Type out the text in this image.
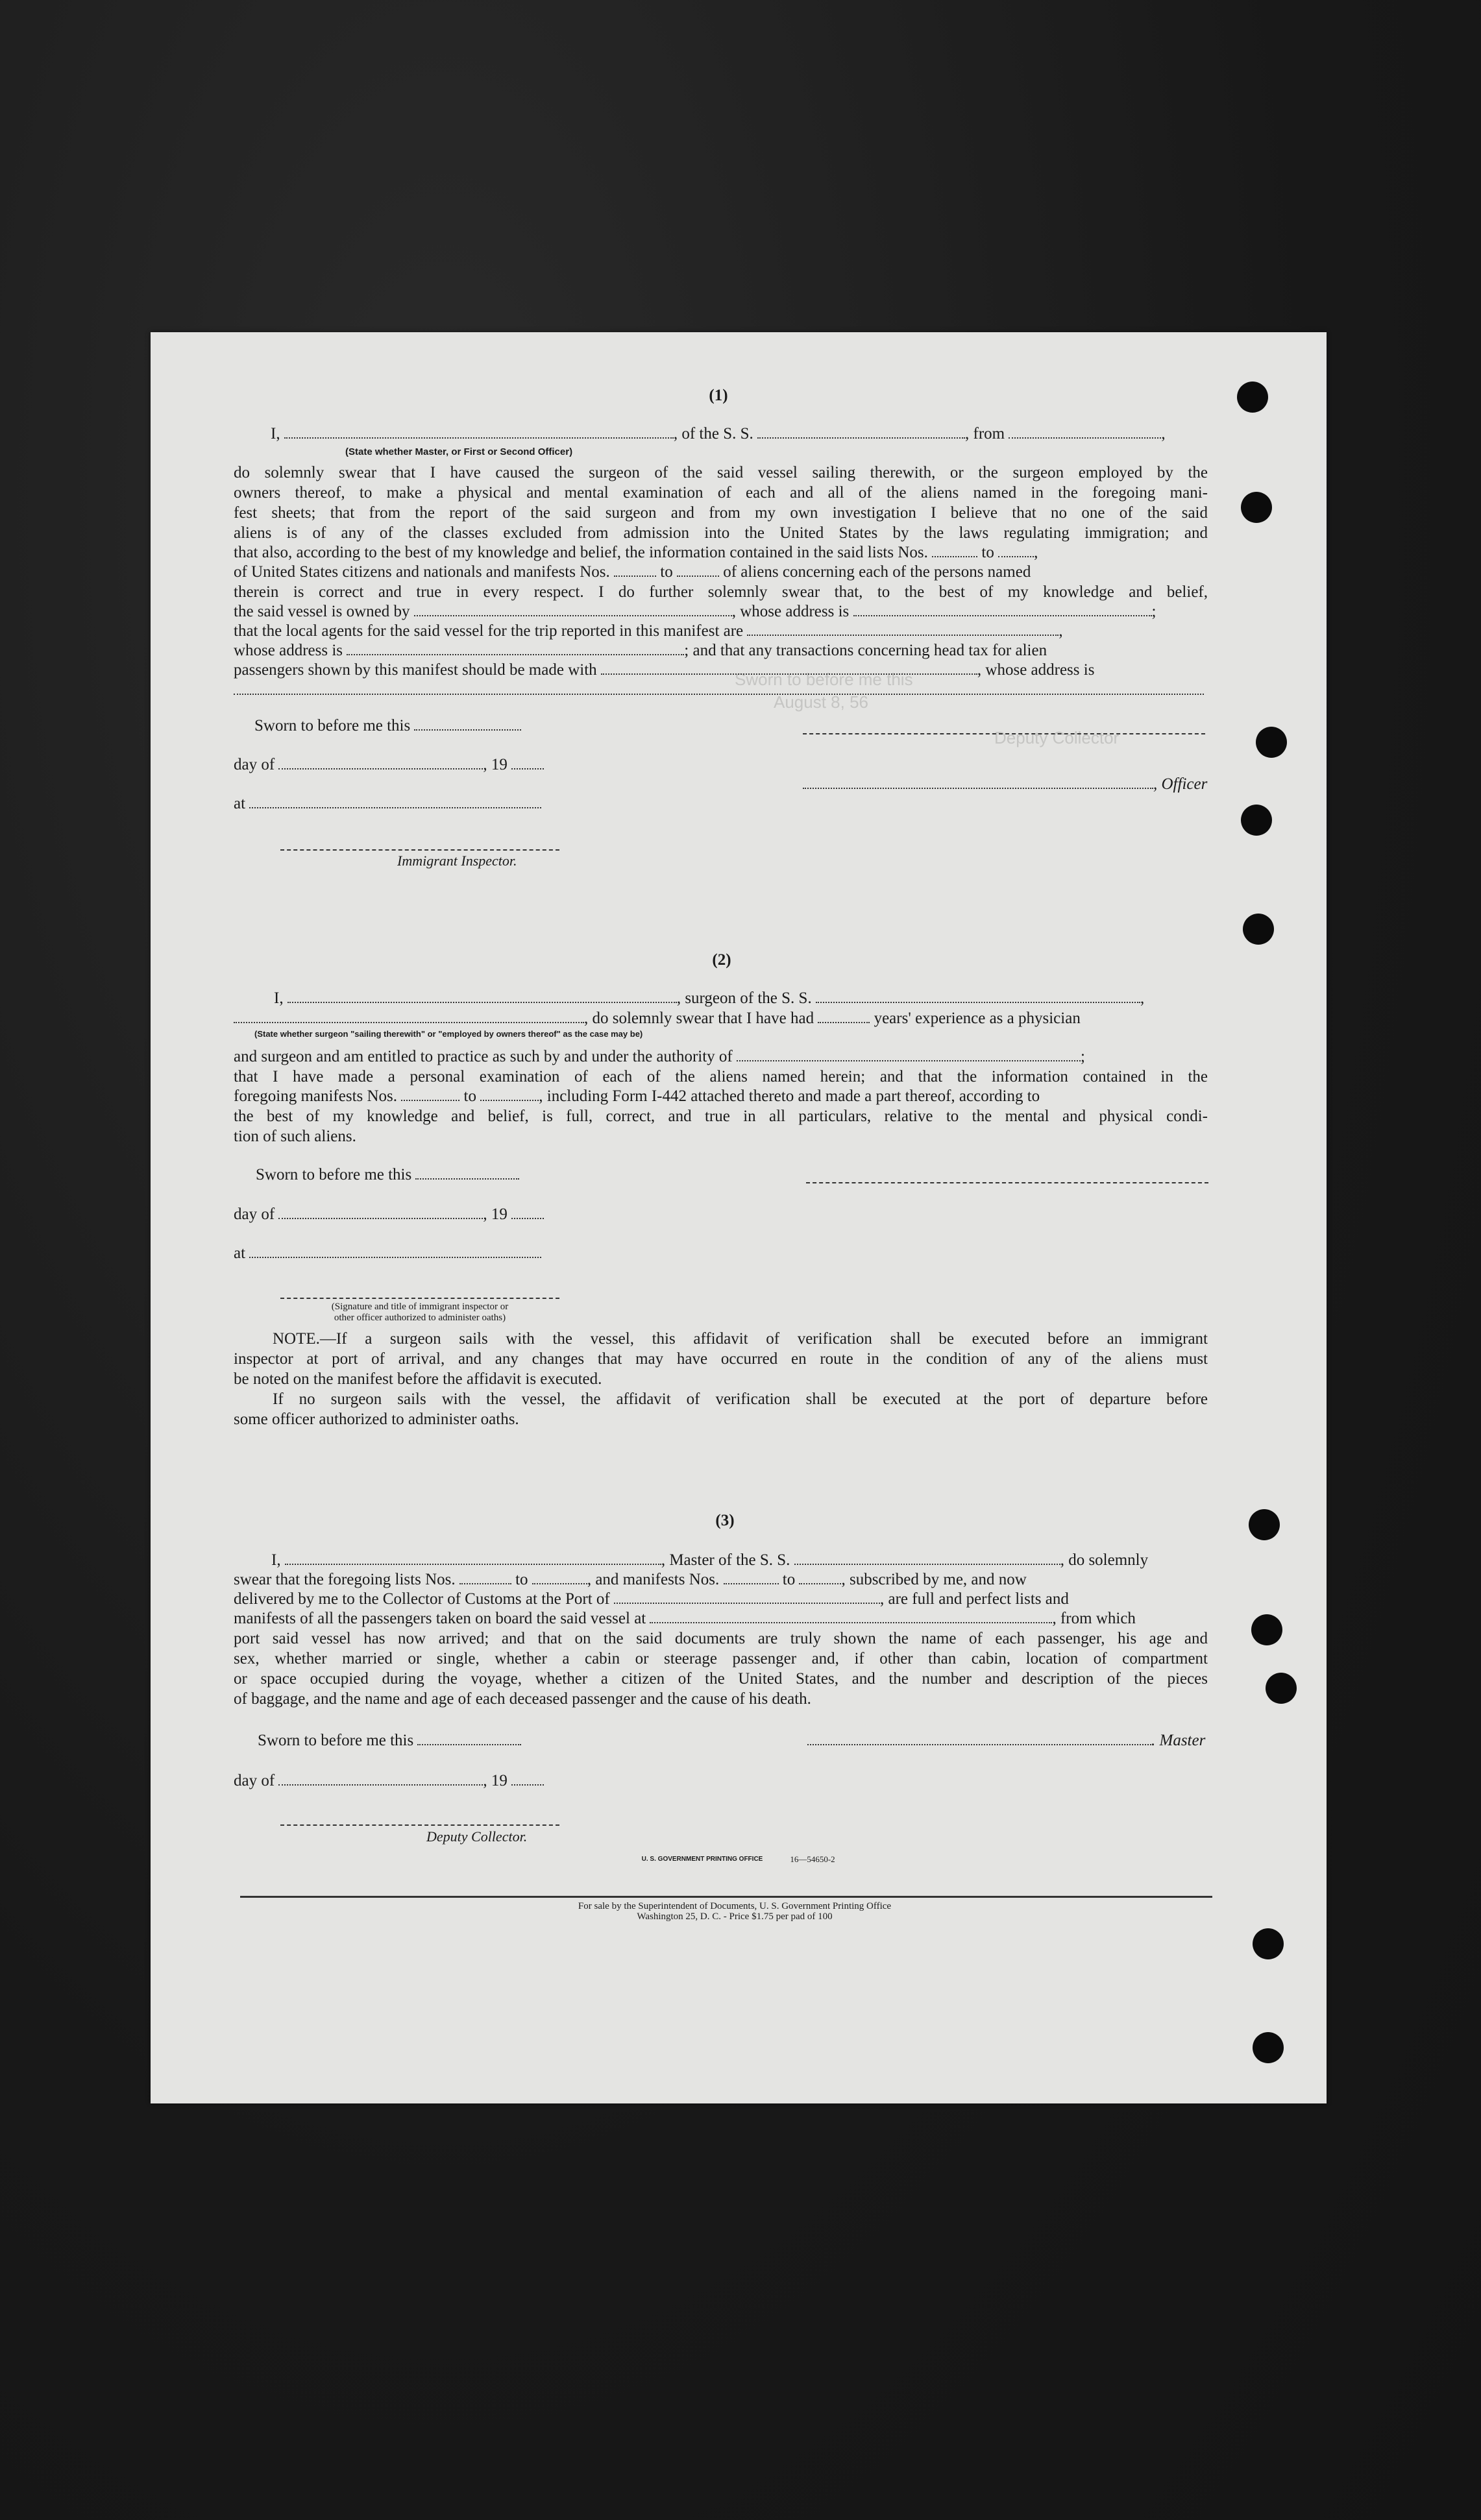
Sworn to before me this
August 8, 56
Deputy Collector
(1)
I,	, of the S. S.	, from	,
(State whether Master, or First or Second Officer)
do solemnly swear that I have caused the surgeon of the said vessel sailing therewith, or the surgeon employed by the
owners thereof, to make a physical and mental examination of each and all of the aliens named in the foregoing mani-
fest sheets; that from the report of the said surgeon and from my own investigation I believe that no one of the said
aliens is of any of the classes excluded from admission into the United States by the laws regulating immigration; and
that also, according to the best of my knowledge and belief, the information contained in the said lists Nos.	to ,
of United States citizens and nationals and manifests Nos.	to	of aliens concerning each of the persons named
therein is correct and true in every respect. I do further solemnly swear that, to the best of my knowledge and belief,
the said vessel is owned by	, whose address is	;
that the local agents for the said vessel for the trip reported in this manifest are	,
whose address is	; and that any transactions concerning head tax for alien
passengers shown by this manifest should be made with	, whose address is
Sworn to before me this
day of	, 19
, Officer
at
Immigrant Inspector.
(2)
I,	, surgeon of the S. S.	,
, do solemnly swear that I have had	years' experience as a physician
(State whether surgeon "sailing therewith" or "employed by owners thereof" as the case may be)
and surgeon and am entitled to practice as such by and under the authority of	;
that I have made a personal examination of each of the aliens named herein; and that the information contained in the
foregoing manifests Nos.	to	, including Form I-442 attached thereto and made a part thereof, according to
the best of my knowledge and belief, is full, correct, and true in all particulars, relative to the mental and physical condi-
tion of such aliens.
Sworn to before me this
day of	, 19
at
(Signature and title of immigrant inspector or
other officer authorized to administer oaths)
NOTE.—If a surgeon sails with the vessel, this affidavit of verification shall be executed before an immigrant
inspector at port of arrival, and any changes that may have occurred en route in the condition of any of the aliens must
be noted on the manifest before the affidavit is executed.
If no surgeon sails with the vessel, the affidavit of verification shall be executed at the port of departure before
some officer authorized to administer oaths.
(3)
I,	, Master of the S. S.	, do solemnly
swear that the foregoing lists Nos.	to	, and manifests Nos.	to	, subscribed by me, and now
delivered by me to the Collector of Customs at the Port of	, are full and perfect lists and
manifests of all the passengers taken on board the said vessel at	, from which
port said vessel has now arrived; and that on the said documents are truly shown the name of each passenger, his age and
sex, whether married or single, whether a cabin or steerage passenger and, if other than cabin, location of compartment
or space occupied during the voyage, whether a citizen of the United States, and the number and description of the pieces
of baggage, and the name and age of each deceased passenger and the cause of his death.
Sworn to before me this	. Master
day of	, 19
Deputy Collector.
U. S. GOVERNMENT PRINTING OFFICE	16—54650-2
For sale by the Superintendent of Documents, U. S. Government Printing Office
Washington 25, D. C. - Price $1.75 per pad of 100
